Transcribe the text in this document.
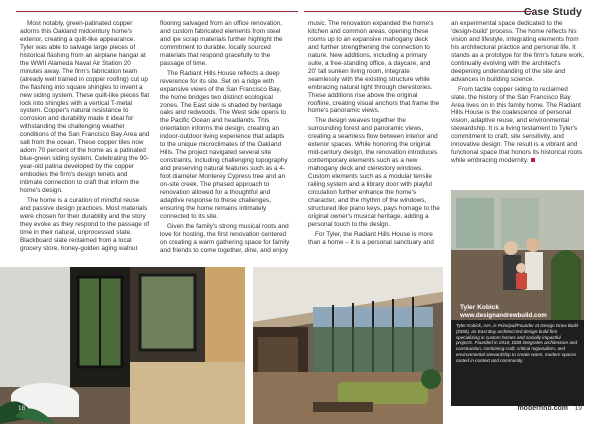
Case Study

Most notably, green-patinated copper adorns this Oakland midcentury home's exterior, creating a quilt-like appearance. Tyler was able to salvage large pieces of historical flashing from an airplane hangar at the WWII Alameda Naval Air Station 20 minutes away. The firm's fabrication team (already well trained in copper roofing) cut up the flashing into square shingles to invent a new siding system. These quilt-like pieces flat lock into shingles with a vertical T-metal system. Copper's natural resistance to corrosion and durability made it ideal for withstanding the challenging weather conditions of the San Francisco Bay Area and salt from the ocean. These copper tiles now adorn 70 percent of the home as a patinated blue-green siding system. Celebrating the 90-year-old patina developed by the copper embodies the firm's design tenets and intimate connection to craft that inform the home's design.

The home is a curation of mindful reuse and passive design practices. Most materials were chosen for their durability and the story they evoke as they respond to the passage of time in their natural, unprocessed state. Blackboard slate reclaimed from a local grocery store, honey-golden aging walnut

flooring salvaged from an office renovation, and custom fabricated elements from steel and ipe scrap materials further highlight the commitment to durable, locally sourced materials that respond gracefully to the passage of time.

The Radiant Hills House reflects a deep reverence for its site. Set on a ridge with expansive views of the San Francisco Bay, the home bridges two distinct ecological zones. The East side is shaded by heritage oaks and redwoods. The West side opens to the Pacific Ocean and headlands. This orientation informs the design, creating an indoor-outdoor living experience that adapts to the unique microclimates of the Oakland Hills. The project navigated several site constraints, including challenging topography and preserving natural features such as a 4-foot diameter Monterey Cypress tree and an on-site creek. The phased approach to renovation allowed for a thoughtful and adaptive response to these challenges, ensuring the home remains intimately connected to its site.

Given the family's strong musical roots and love for hosting, the first renovation centered on creating a warm gathering space for family and friends to come together, dine, and enjoy

music. The renovation expanded the home's kitchen and common areas, opening these rooms up to an expansive mahogany deck and further strengthening the connection to nature. New additions, including a primary suite, a free-standing office, a daycare, and 20' tall sunken living room, integrate seamlessly with the existing structure while embracing natural light through clerestories. These additions rise above the original roofline, creating visual anchors that frame the home's panoramic views.

The design weaves together the surrounding forest and panoramic views, creating a seamless flow between interior and exterior spaces. While honoring the original mid-century design, the renovation introduces contemporary elements such as a new mahogany deck and clerestory windows. Custom elements such as a modular tensile railing system and a library door with playful circulation further enhance the home's character, and the rhythm of the windows, structured like piano keys, pays homage to the original owner's musical heritage, adding a personal touch to the design.

For Tyler, the Radiant Hills House is more than a home – it is a personal sanctuary and

an experimental space dedicated to the 'design-build' process. The home reflects his vision and lifestyle, integrating elements from his architectural practice and personal life. It stands as a prototype for the firm's future work, continually evolving with the architect's deepening understanding of the site and advances in building science.

From tactile copper siding to reclaimed slate, the history of the San Francisco Bay Area lives on in this family home. The Radiant Hills House is the coalescence of personal vision, adaptive reuse, and environmental stewardship. It is a living testament to Tyler's commitment to craft, site sensitivity, and innovative design. The result is a vibrant and functional space that honors its historical roots while embracing modernity.

Tyler Kobick
www.designandrewbuild.com
Tyler Kobick, AIA, is Principal/Founder at Design Draw Build (DDB), an East Bay architect-led design-build firm specializing in custom homes and socially impactful projects. Founded in 2010, DDB integrates architecture and construction, combining craft, critical regionalism, and environmental stewardship to create warm, modern spaces rooted in context and community.
18	modernhb.com 19
